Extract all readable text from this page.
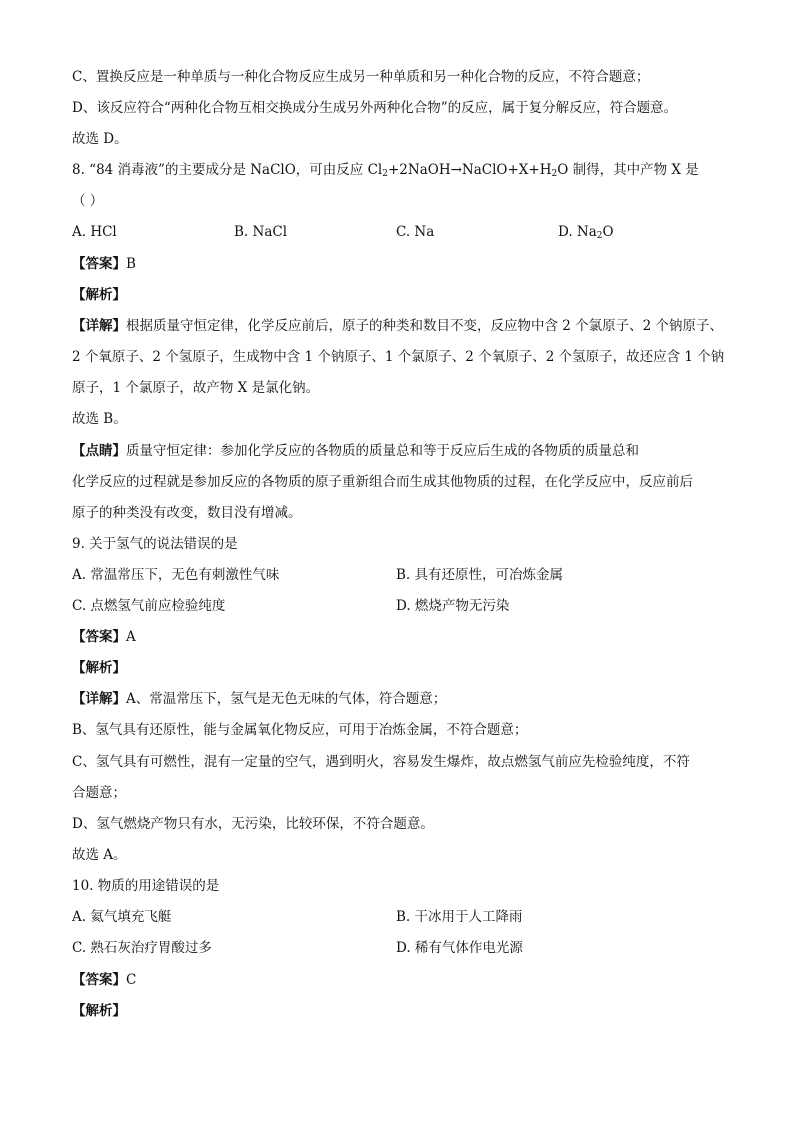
C、置换反应是一种单质与一种化合物反应生成另一种单质和另一种化合物的反应，不符合题意；
D、该反应符合“两种化合物互相交换成分生成另外两种化合物”的反应，属于复分解反应，符合题意。
故选 D。
8. “84 消毒液”的主要成分是 NaClO，可由反应 $Cl_2+2NaOH\to NaClO+X+H_2O$ 制得，其中产物 X 是
（ ）
A. HCl	B. NaCl	C. Na	D. $Na_2O$
【答案】B
【解析】
【详解】根据质量守恒定律，化学反应前后，原子的种类和数目不变，反应物中含 2 个氯原子、2 个钠原子、
2 个氧原子、2 个氢原子，生成物中含 1 个钠原子、1 个氯原子、2 个氧原子、2 个氢原子，故还应含 1 个钠
原子，1 个氯原子，故产物 X 是氯化钠。
故选 B。
【点睛】质量守恒定律：参加化学反应的各物质的质量总和等于反应后生成的各物质的质量总和
化学反应的过程就是参加反应的各物质的原子重新组合而生成其他物质的过程，在化学反应中，反应前后
原子的种类没有改变，数目没有增减。
9. 关于氢气的说法错误的是
A. 常温常压下，无色有刺激性气味	B. 具有还原性，可冶炼金属
C. 点燃氢气前应检验纯度	D. 燃烧产物无污染
【答案】A
【解析】
【详解】A、常温常压下，氢气是无色无味的气体，符合题意；
B、氢气具有还原性，能与金属氧化物反应，可用于冶炼金属，不符合题意；
C、氢气具有可燃性，混有一定量的空气，遇到明火，容易发生爆炸，故点燃氢气前应先检验纯度，不符
合题意；
D、氢气燃烧产物只有水，无污染，比较环保，不符合题意。
故选 A。
10. 物质的用途错误的是
A. 氦气填充飞艇	B. 干冰用于人工降雨
C. 熟石灰治疗胃酸过多	D. 稀有气体作电光源
【答案】C
【解析】
